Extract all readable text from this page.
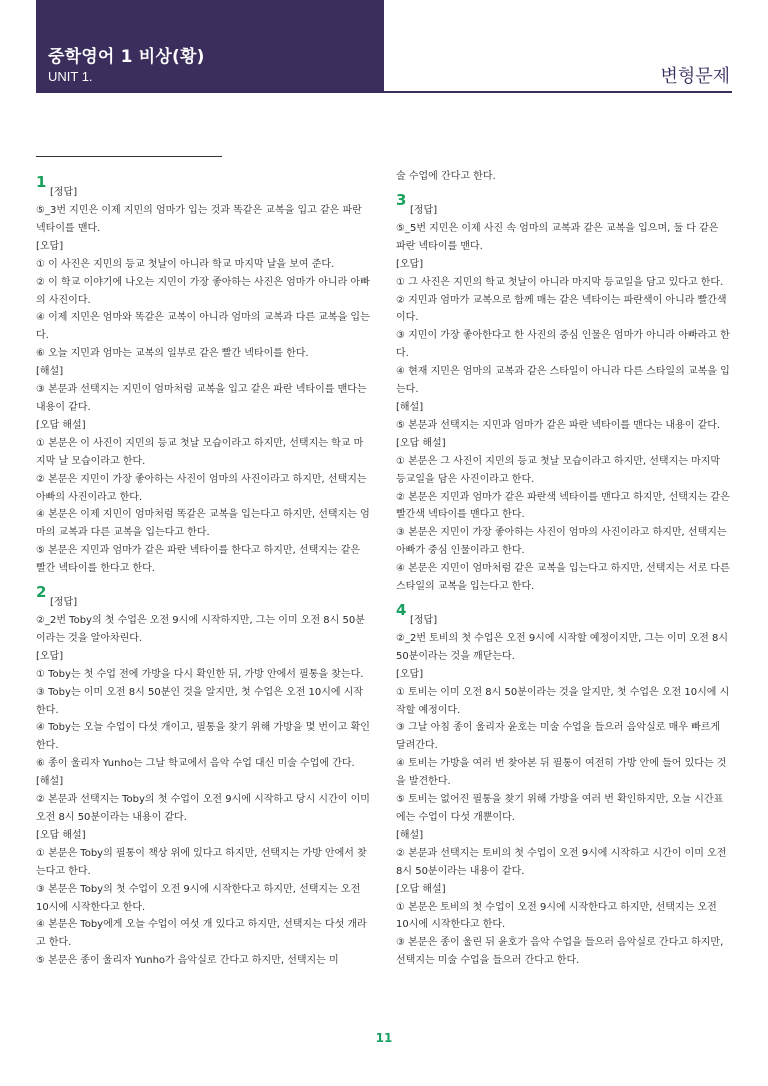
중학영어 1 비상(황)
UNIT 1.	변형문제

1
[정답]

⑤_3번 지민은 이제 지민의 엄마가 입는 것과 똑같은 교복을 입고 같은 파란 넥타이를 맨다.

[오답]

① 이 사진은 지민의 등교 첫날이 아니라 학교 마지막 날을 보여 준다.

② 이 학교 이야기에 나오는 지민이 가장 좋아하는 사진은 엄마가 아니라 아빠의 사진이다.

④ 이제 지민은 엄마와 똑같은 교복이 아니라 엄마의 교복과 다른 교복을 입는다.

⑥ 오늘 지민과 엄마는 교복의 일부로 같은 빨간 넥타이를 한다.

[해설]

③ 본문과 선택지는 지민이 엄마처럼 교복을 입고 같은 파란 넥타이를 맨다는 내용이 같다.

[오답 해설]

① 본문은 이 사진이 지민의 등교 첫날 모습이라고 하지만, 선택지는 학교 마지막 날 모습이라고 한다.

② 본문은 지민이 가장 좋아하는 사진이 엄마의 사진이라고 하지만, 선택지는 아빠의 사진이라고 한다.

④ 본문은 이제 지민이 엄마처럼 똑같은 교복을 입는다고 하지만, 선택지는 엄마의 교복과 다른 교복을 입는다고 한다.

⑤ 본문은 지민과 엄마가 같은 파란 넥타이를 한다고 하지만, 선택지는 같은 빨간 넥타이를 한다고 한다.

2
[정답]

②_2번 Toby의 첫 수업은 오전 9시에 시작하지만, 그는 이미 오전 8시 50분이라는 것을 알아차린다.

[오답]

① Toby는 첫 수업 전에 가방을 다시 확인한 뒤, 가방 안에서 필통을 찾는다.

③ Toby는 이미 오전 8시 50분인 것을 알지만, 첫 수업은 오전 10시에 시작한다.

④ Toby는 오늘 수업이 다섯 개이고, 필통을 찾기 위해 가방을 몇 번이고 확인한다.

⑥ 종이 울리자 Yunho는 그날 학교에서 음악 수업 대신 미술 수업에 간다.

[해설]

② 본문과 선택지는 Toby의 첫 수업이 오전 9시에 시작하고 당시 시간이 이미 오전 8시 50분이라는 내용이 같다.

[오답 해설]

① 본문은 Toby의 필통이 책상 위에 있다고 하지만, 선택지는 가방 안에서 찾는다고 한다.

③ 본문은 Toby의 첫 수업이 오전 9시에 시작한다고 하지만, 선택지는 오전 10시에 시작한다고 한다.

④ 본문은 Toby에게 오늘 수업이 여섯 개 있다고 하지만, 선택지는 다섯 개라고 한다.

⑤ 본문은 종이 울리자 Yunho가 음악실로 간다고 하지만, 선택지는 미

술 수업에 간다고 한다.

3
[정답]

⑤_5번 지민은 이제 사진 속 엄마의 교복과 같은 교복을 입으며, 둘 다 같은 파란 넥타이를 맨다.

[오답]

① 그 사진은 지민의 학교 첫날이 아니라 마지막 등교일을 담고 있다고 한다.

② 지민과 엄마가 교복으로 함께 매는 같은 넥타이는 파란색이 아니라 빨간색이다.

③ 지민이 가장 좋아한다고 한 사진의 중심 인물은 엄마가 아니라 아빠라고 한다.

④ 현재 지민은 엄마의 교복과 같은 스타일이 아니라 다른 스타일의 교복을 입는다.

[해설]

⑤ 본문과 선택지는 지민과 엄마가 같은 파란 넥타이를 맨다는 내용이 같다.

[오답 해설]

① 본문은 그 사진이 지민의 등교 첫날 모습이라고 하지만, 선택지는 마지막 등교일을 담은 사진이라고 한다.

② 본문은 지민과 엄마가 같은 파란색 넥타이를 맨다고 하지만, 선택지는 같은 빨간색 넥타이를 맨다고 한다.

③ 본문은 지민이 가장 좋아하는 사진이 엄마의 사진이라고 하지만, 선택지는 아빠가 중심 인물이라고 한다.

④ 본문은 지민이 엄마처럼 같은 교복을 입는다고 하지만, 선택지는 서로 다른 스타일의 교복을 입는다고 한다.

4
[정답]

②_2번 토비의 첫 수업은 오전 9시에 시작할 예정이지만, 그는 이미 오전 8시 50분이라는 것을 깨닫는다.

[오답]

① 토비는 이미 오전 8시 50분이라는 것을 알지만, 첫 수업은 오전 10시에 시작할 예정이다.

③ 그날 아침 종이 울리자 윤호는 미술 수업을 들으러 음악실로 매우 빠르게 달려간다.

④ 토비는 가방을 여러 번 찾아본 뒤 필통이 여전히 가방 안에 들어 있다는 것을 발견한다.

⑤ 토비는 없어진 필통을 찾기 위해 가방을 여러 번 확인하지만, 오늘 시간표에는 수업이 다섯 개뿐이다.

[해설]

② 본문과 선택지는 토비의 첫 수업이 오전 9시에 시작하고 시간이 이미 오전 8시 50분이라는 내용이 같다.

[오답 해설]

① 본문은 토비의 첫 수업이 오전 9시에 시작한다고 하지만, 선택지는 오전 10시에 시작한다고 한다.

③ 본문은 종이 울린 뒤 윤호가 음악 수업을 들으러 음악실로 간다고 하지만, 선택지는 미술 수업을 들으러 간다고 한다.

11
